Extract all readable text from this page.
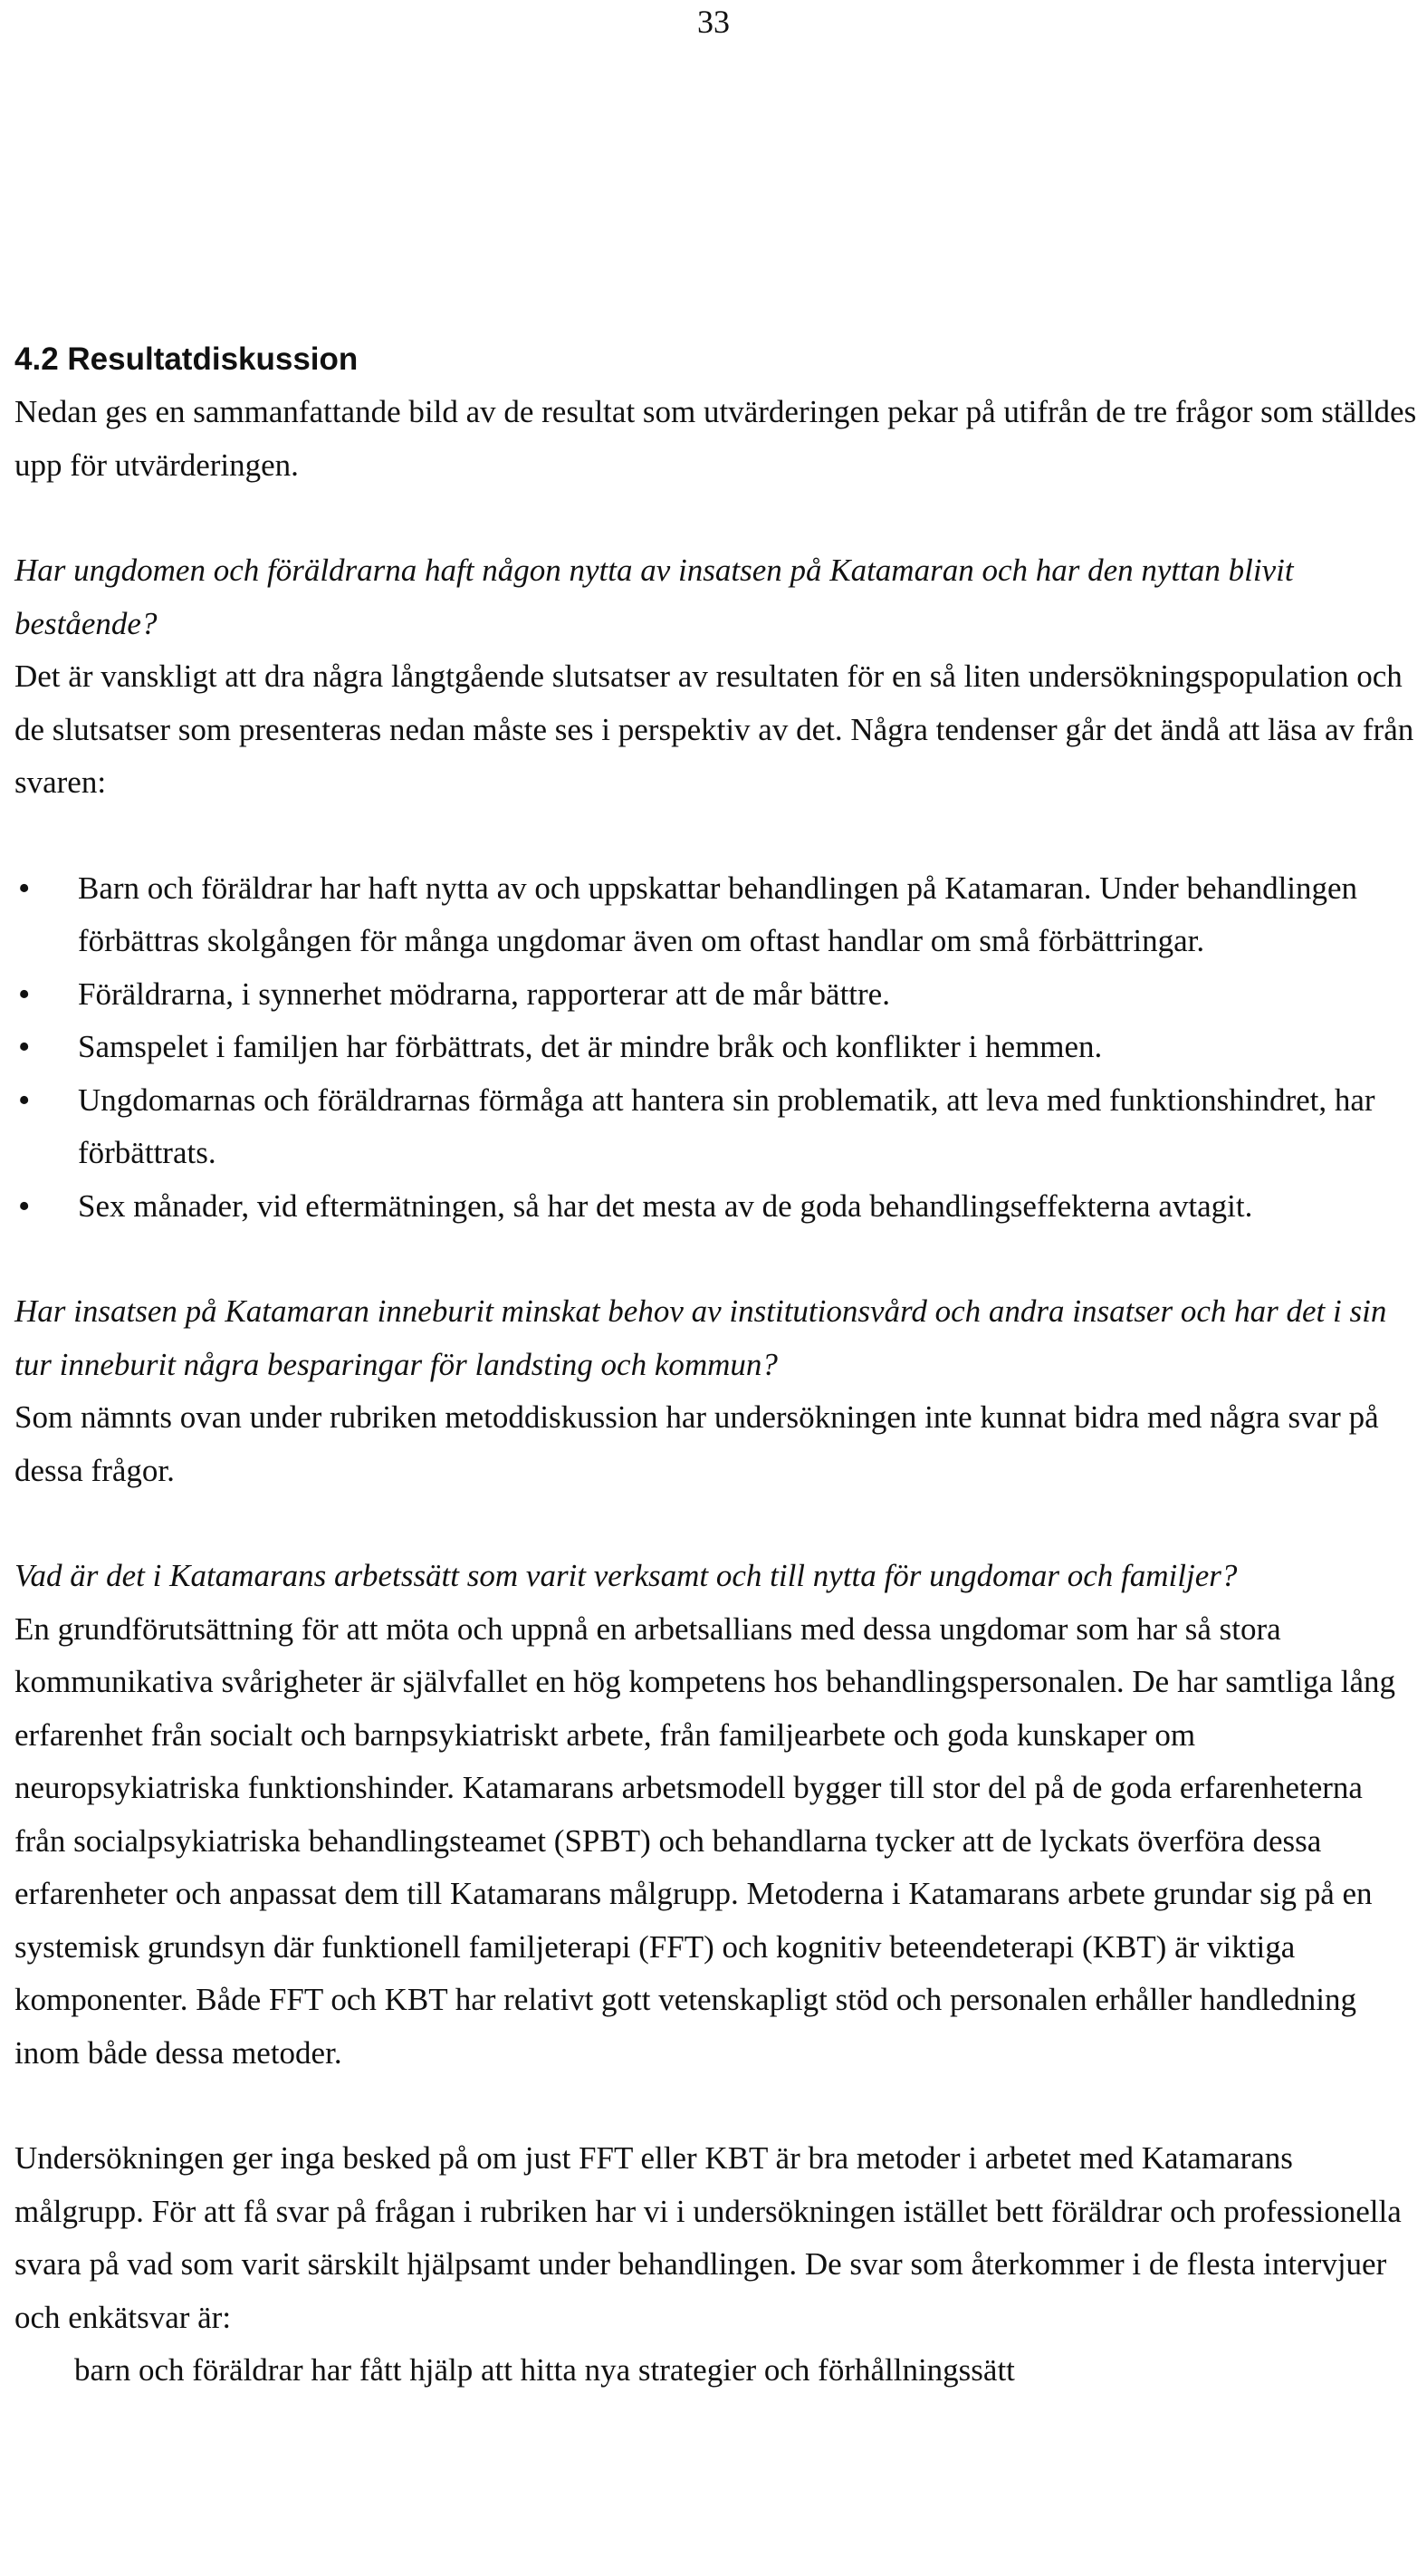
33
4.2 Resultatdiskussion

Nedan ges en sammanfattande bild av de resultat som utvärderingen pekar på utifrån de tre frågor som ställdes upp för utvärderingen.

Har ungdomen och föräldrarna haft någon nytta av insatsen på Katamaran och har den nyttan blivit bestående?

Det är vanskligt att dra några långtgående slutsatser av resultaten för en så liten undersökningspopulation och de slutsatser som presenteras nedan måste ses i perspektiv av det. Några tendenser går det ändå att läsa av från svaren:

• Barn och föräldrar har haft nytta av och uppskattar behandlingen på Katamaran. Under behandlingen förbättras skolgången för många ungdomar även om oftast handlar om små förbättringar.
• Föräldrarna, i synnerhet mödrarna, rapporterar att de mår bättre.
• Samspelet i familjen har förbättrats, det är mindre bråk och konflikter i hemmen.
• Ungdomarnas och föräldrarnas förmåga att hantera sin problematik, att leva med funktionshindret, har förbättrats.
• Sex månader, vid eftermätningen, så har det mesta av de goda behandlingseffekterna avtagit.

Har insatsen på Katamaran inneburit minskat behov av institutionsvård och andra insatser och har det i sin tur inneburit några besparingar för landsting och kommun?

Som nämnts ovan under rubriken metoddiskussion har undersökningen inte kunnat bidra med några svar på dessa frågor.

Vad är det i Katamarans arbetssätt som varit verksamt och till nytta för ungdomar och familjer?

En grundförutsättning för att möta och uppnå en arbetsallians med dessa ungdomar som har så stora kommunikativa svårigheter är självfallet en hög kompetens hos behandlingspersonalen. De har samtliga lång erfarenhet från socialt och barnpsykiatriskt arbete, från familjearbete och goda kunskaper om neuropsykiatriska funktionshinder. Katamarans arbetsmodell bygger till stor del på de goda erfarenheterna från socialpsykiatriska behandlingsteamet (SPBT) och behandlarna tycker att de lyckats överföra dessa erfarenheter och anpassat dem till Katamarans målgrupp. Metoderna i Katamarans arbete grundar sig på en systemisk grundsyn där funktionell familjeterapi (FFT) och kognitiv beteendeterapi (KBT) är viktiga komponenter. Både FFT och KBT har relativt gott vetenskapligt stöd och personalen erhåller handledning inom både dessa metoder.

Undersökningen ger inga besked på om just FFT eller KBT är bra metoder i arbetet med Katamarans målgrupp. För att få svar på frågan i rubriken har vi i undersökningen istället bett föräldrar och professionella svara på vad som varit särskilt hjälpsamt under behandlingen. De svar som återkommer i de flesta intervjuer och enkätsvar är:

barn och föräldrar har fått hjälp att hitta nya strategier och förhållningssätt
